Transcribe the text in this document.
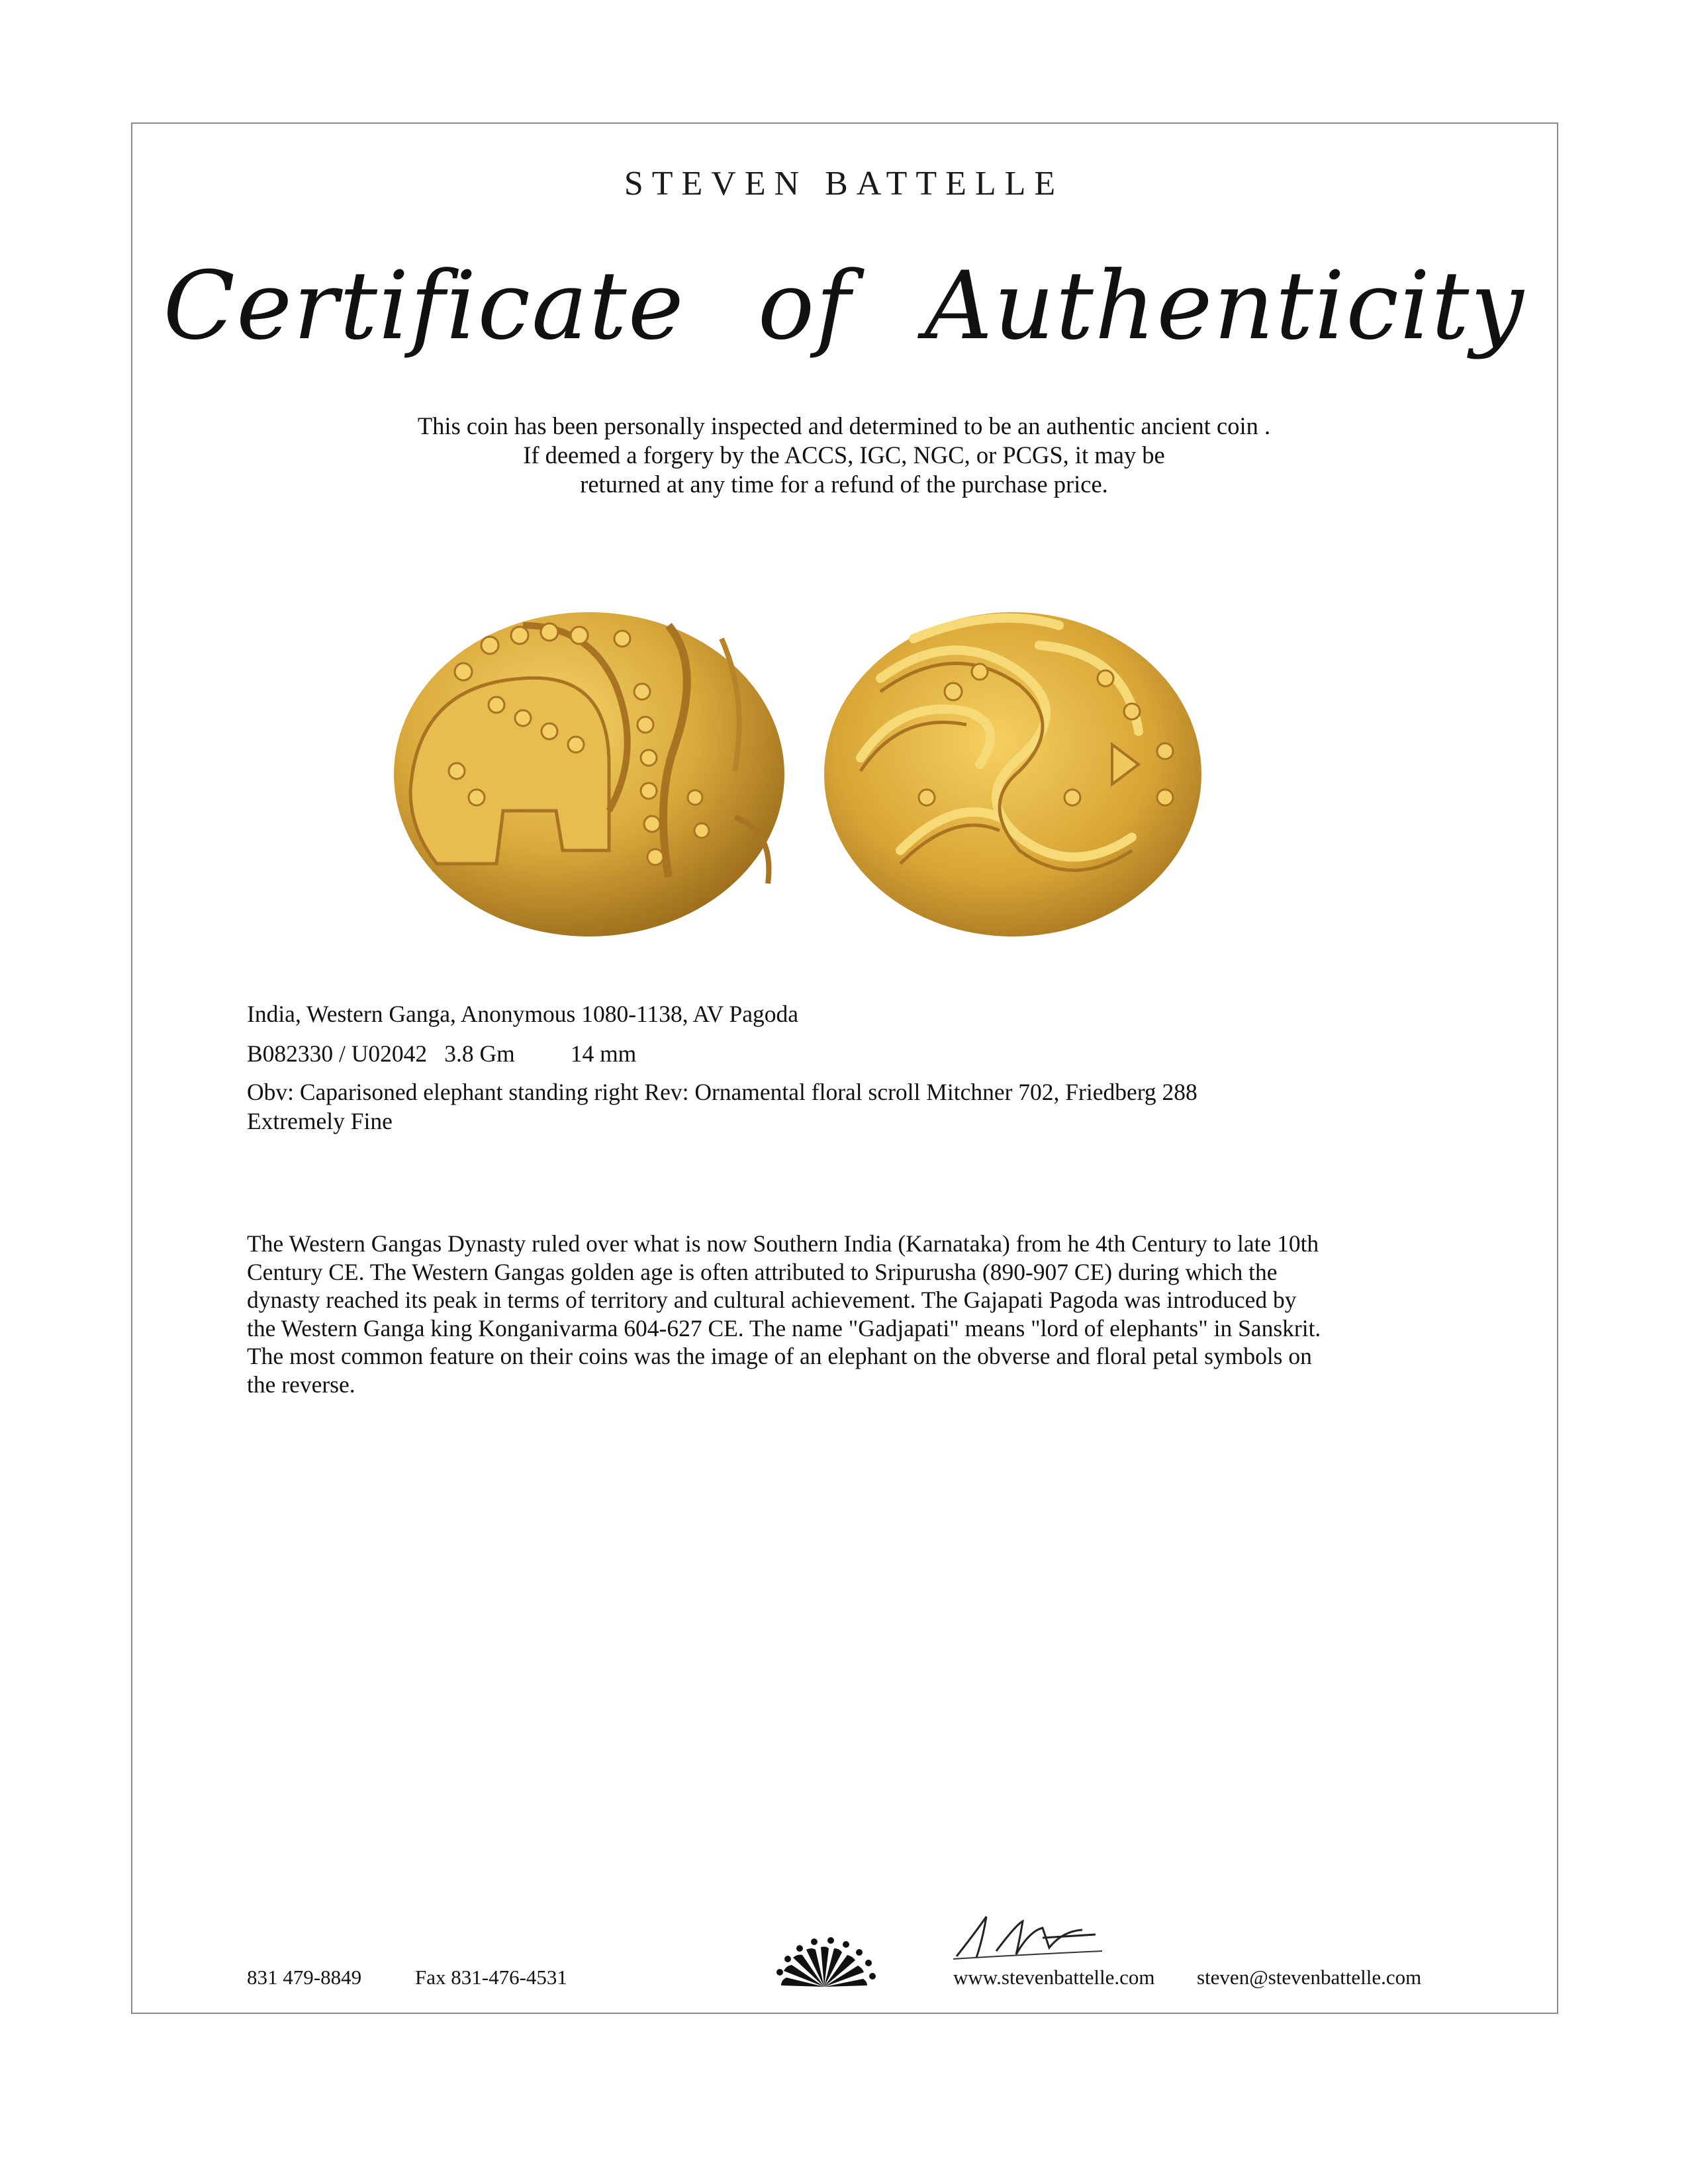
STEVEN BATTELLE
Certificate of Authenticity
This coin has been personally inspected and determined to be an authentic ancient coin .
If deemed a forgery by the ACCS, IGC, NGC, or PCGS, it may be
returned at any time for a refund of the purchase price.
India, Western Ganga, Anonymous 1080-1138, AV Pagoda
B082330 / U02042 3.8 Gm 14 mm
Obv: Caparisoned elephant standing right Rev: Ornamental floral scroll Mitchner 702, Friedberg 288
Extremely Fine
The Western Gangas Dynasty ruled over what is now Southern India (Karnataka) from he 4th Century to late 10th
Century CE. The Western Gangas golden age is often attributed to Sripurusha (890-907 CE) during which the
dynasty reached its peak in terms of territory and cultural achievement. The Gajapati Pagoda was introduced by
the Western Ganga king Konganivarma 604-627 CE. The name "Gadjapati" means "lord of elephants" in Sanskrit.
The most common feature on their coins was the image of an elephant on the obverse and floral petal symbols on
the reverse.
831 479-8849	Fax 831-476-4531	www.stevenbattelle.com steven@stevenbattelle.com
